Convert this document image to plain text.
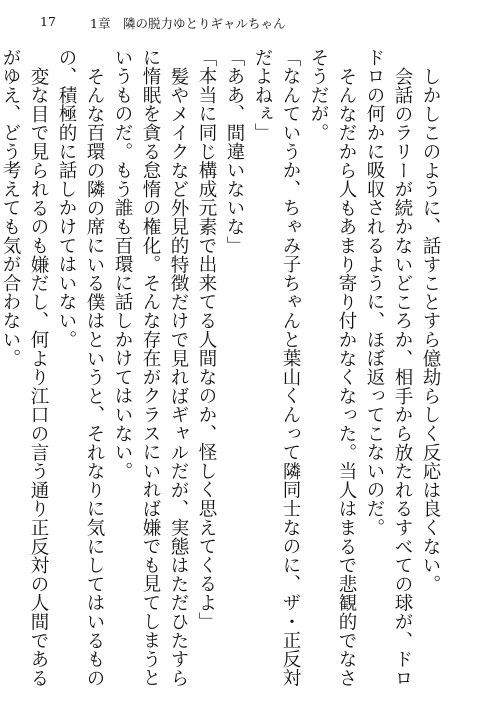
17	1章　隣の脱力ゆとりギャルちゃん

しかしこのように、話すことすら億劫らしく反応は良くない。

会話のラリーが続かないどころか、相手から放たれるすべての球が、ドロドロの何かに吸収されるように、ほぼ返ってこないのだ。

そんなだから人もあまり寄り付かなくなった。当人はまるで悲観的でなさそうだが。

「なんていうか、ちゃみ子ちゃんと葉山くんって隣同士なのに、ザ・正反対だよねぇ」

「ああ、間違いないな」

「本当に同じ構成元素で出来てる人間なのか、怪しく思えてくるよ」

髪やメイクなど外見的特徴だけで見ればギャルだが、実態はただひたすらに惰眠を貪る怠惰の権化。そんな存在がクラスにいれば嫌でも見てしまうというものだ。もう誰も百環に話しかけてはいない。

そんな百環の隣の席にいる僕はというと、それなりに気にしてはいるものの、積極的に話しかけてはいない。

変な目で見られるのも嫌だし、何より江口の言う通り正反対の人間であるがゆえ、どう考えても気が合わない。
